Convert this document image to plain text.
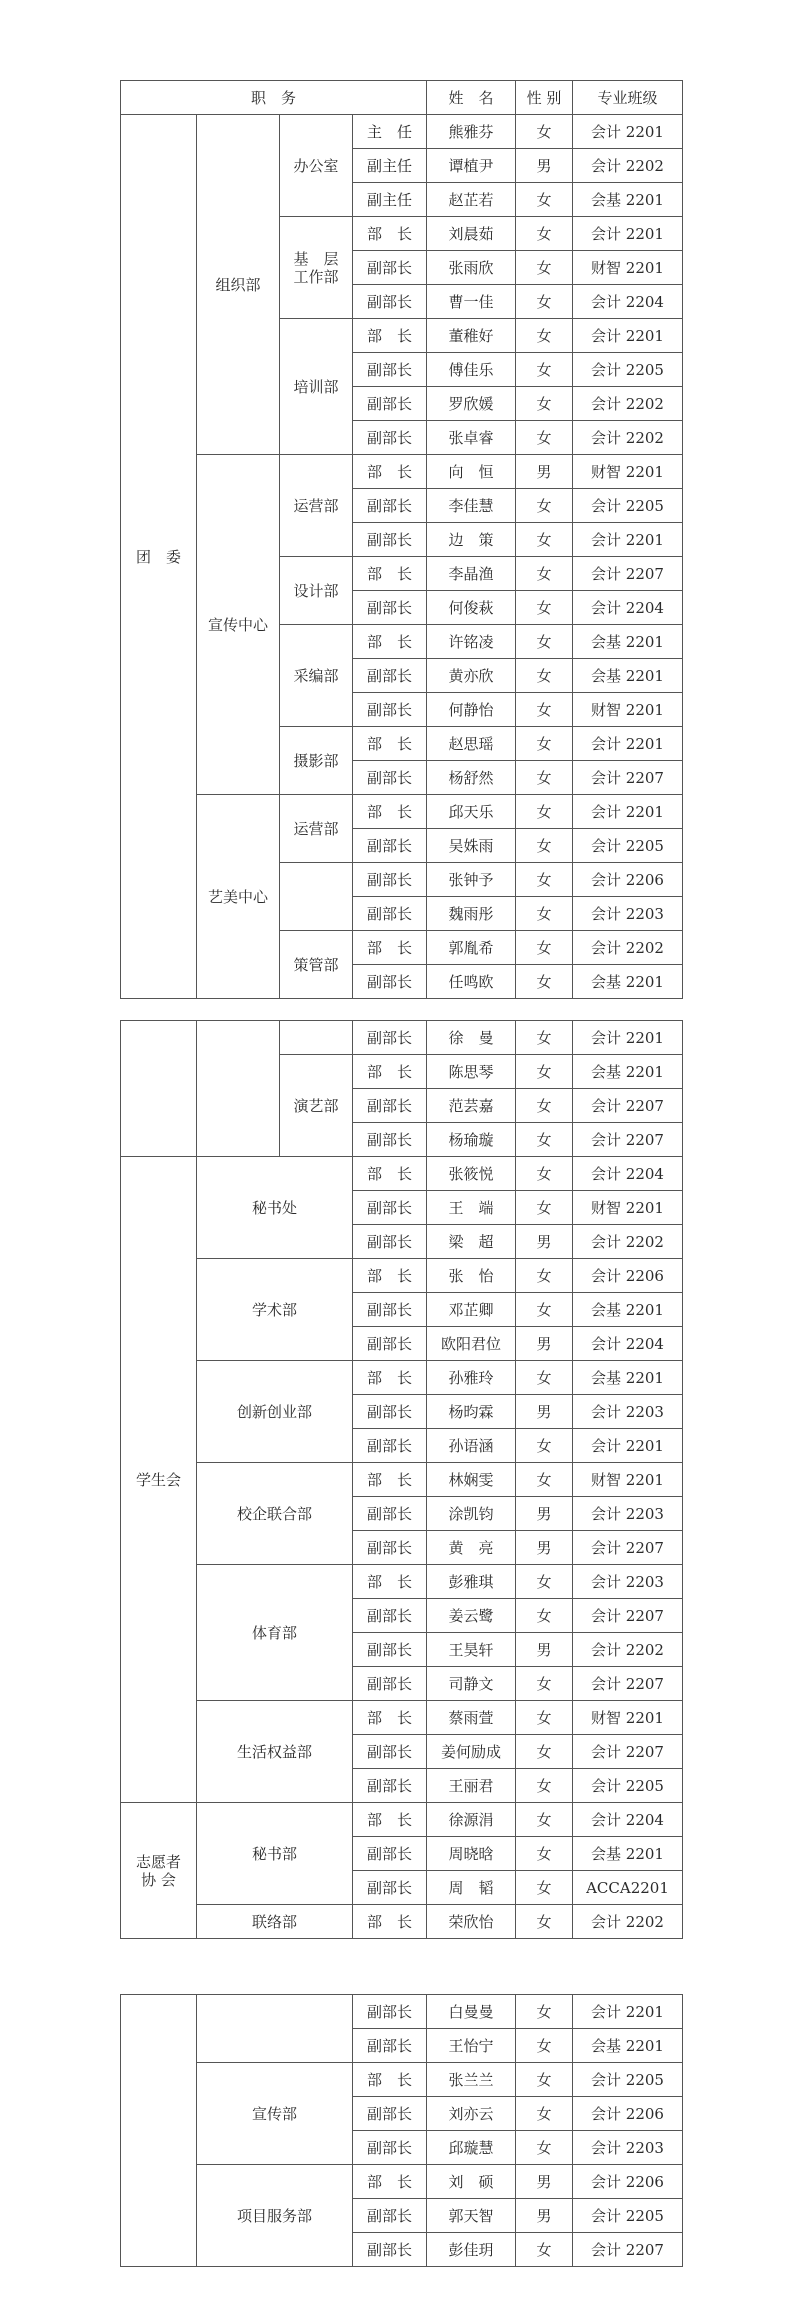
职　务				姓　名	性 别	专业班级
团　委	组织部	办公室	主　任	熊雅芬	女	会计 2201
			副主任	谭植尹	男	会计 2202
			副主任	赵芷若	女	会基 2201
		基　层
工作部	部　长	刘晨茹	女	会计 2201
			副部长	张雨欣	女	财智 2201
			副部长	曹一佳	女	会计 2204
		培训部	部　长	董稚好	女	会计 2201
			副部长	傅佳乐	女	会计 2205
			副部长	罗欣媛	女	会计 2202
			副部长	张卓睿	女	会计 2202
	宣传中心	运营部	部　长	向　恒	男	财智 2201
			副部长	李佳慧	女	会计 2205
			副部长	边　策	女	会计 2201
		设计部	部　长	李晶渔	女	会计 2207
			副部长	何俊萩	女	会计 2204
		采编部	部　长	许铭凌	女	会基 2201
			副部长	黄亦欣	女	会基 2201
			副部长	何静怡	女	财智 2201
		摄影部	部　长	赵思瑶	女	会计 2201
			副部长	杨舒然	女	会计 2207
	艺美中心	运营部	部　长	邱天乐	女	会计 2201
			副部长	吴姝雨	女	会计 2205
			副部长	张钟予	女	会计 2206
			副部长	魏雨彤	女	会计 2203
		策管部	部　长	郭胤希	女	会计 2202
			副部长	任鸣欧	女	会基 2201
			副部长	徐　曼	女	会计 2201
		演艺部	部　长	陈思琴	女	会基 2201
			副部长	范芸嘉	女	会计 2207
			副部长	杨瑜璇	女	会计 2207
学生会	秘书处		部　长	张筱悦	女	会计 2204
			副部长	王　端	女	财智 2201
			副部长	梁　超	男	会计 2202
	学术部		部　长	张　怡	女	会计 2206
			副部长	邓芷卿	女	会基 2201
			副部长	欧阳君位	男	会计 2204
	创新创业部		部　长	孙雅玲	女	会基 2201
			副部长	杨昀霖	男	会计 2203
			副部长	孙语涵	女	会计 2201
	校企联合部		部　长	林娴雯	女	财智 2201
			副部长	涂凯钧	男	会计 2203
			副部长	黄　亮	男	会计 2207
	体育部		部　长	彭雅琪	女	会计 2203
			副部长	姜云鹭	女	会计 2207
			副部长	王昊轩	男	会计 2202
			副部长	司静文	女	会计 2207
	生活权益部		部　长	蔡雨萱	女	财智 2201
			副部长	姜何励成	女	会计 2207
			副部长	王丽君	女	会计 2205
志愿者
协 会	秘书部		部　长	徐源涓	女	会计 2204
			副部长	周晓晗	女	会基 2201
			副部长	周　韬	女	ACCA2201
	联络部		部　长	荣欣怡	女	会计 2202
		副部长	白曼曼	女	会计 2201
		副部长	王怡宁	女	会基 2201
	宣传部	部　长	张兰兰	女	会计 2205
		副部长	刘亦云	女	会计 2206
		副部长	邱璇慧	女	会计 2203
	项目服务部	部　长	刘　硕	男	会计 2206
		副部长	郭天智	男	会计 2205
		副部长	彭佳玥	女	会计 2207
